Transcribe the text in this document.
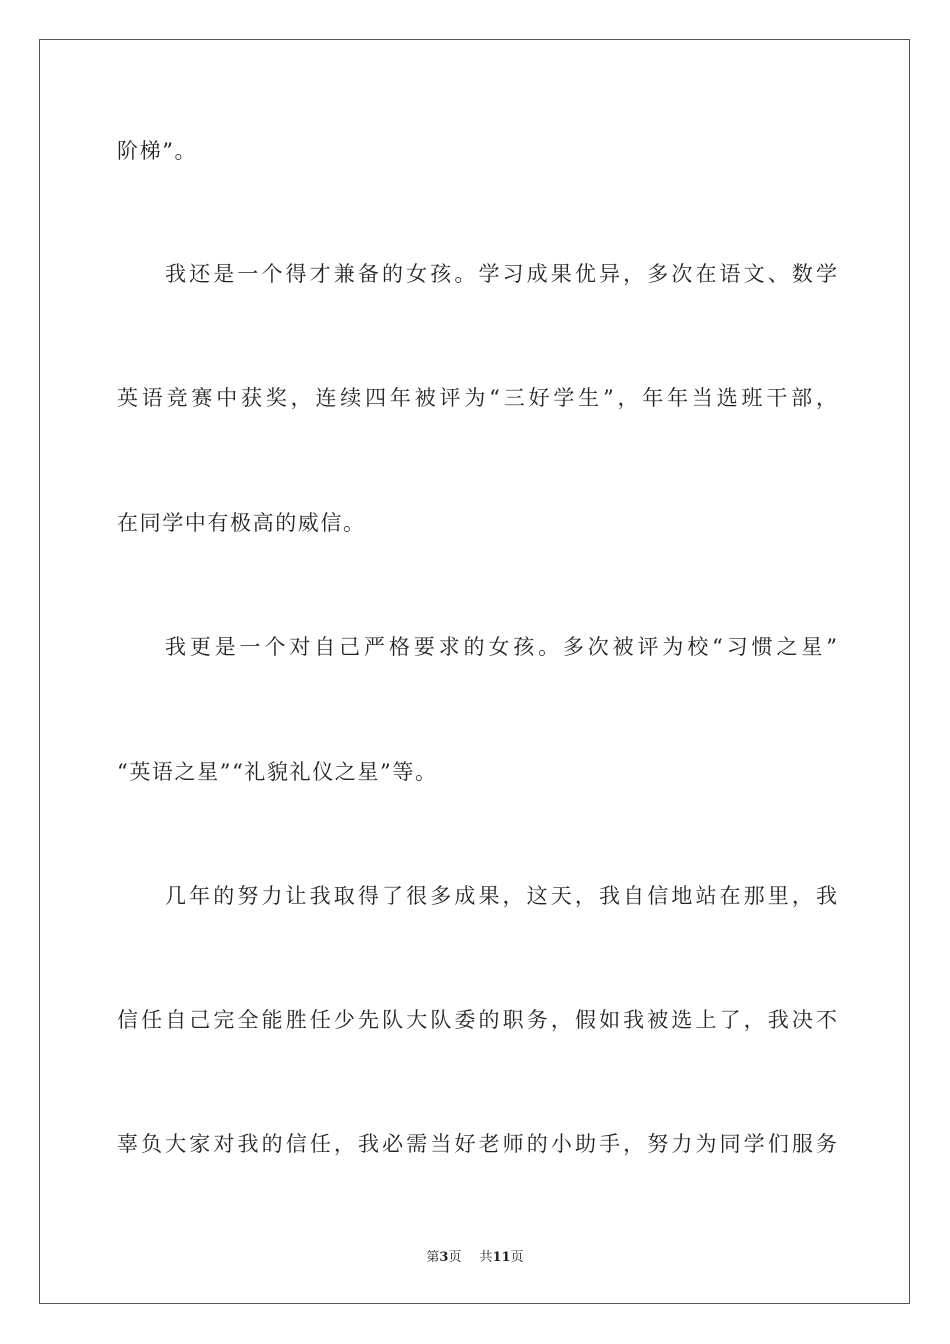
阶梯”。
我还是一个得才兼备的女孩。学习成果优异，多次在语文、数学
英语竞赛中获奖，连续四年被评为“三好学生”，年年当选班干部，
在同学中有极高的威信。
我更是一个对自己严格要求的女孩。多次被评为校“习惯之星”
“英语之星”“礼貌礼仪之星”等。
几年的努力让我取得了很多成果，这天，我自信地站在那里，我
信任自己完全能胜任少先队大队委的职务，假如我被选上了，我决不
辜负大家对我的信任，我必需当好老师的小助手，努力为同学们服务
第3页 共11页
